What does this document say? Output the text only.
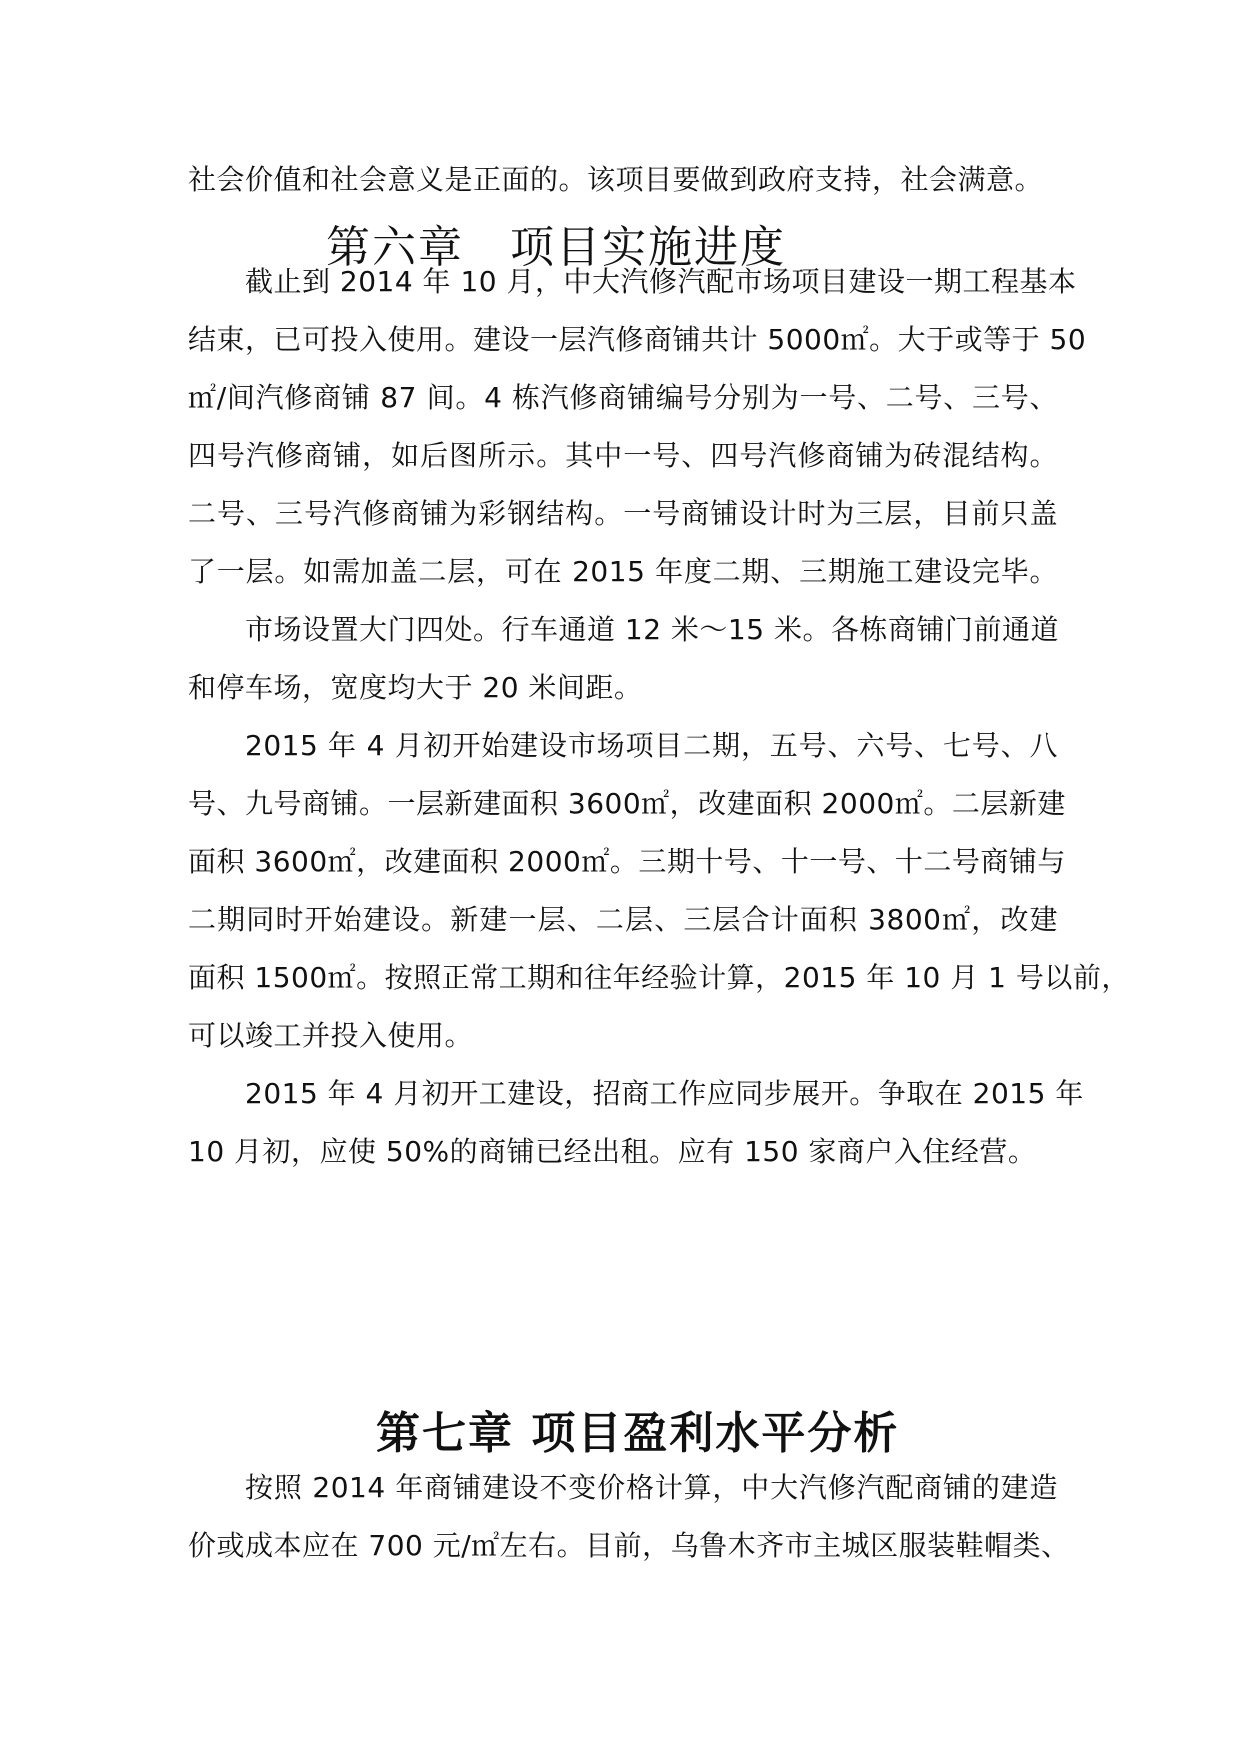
社会价值和社会意义是正面的。该项目要做到政府支持，社会满意。
第六章　项目实施进度
截止到 2014 年 10 月，中大汽修汽配市场项目建设一期工程基本
结束，已可投入使用。建设一层汽修商铺共计 5000㎡。大于或等于 50
㎡/间汽修商铺 87 间。4 栋汽修商铺编号分别为一号、二号、三号、
四号汽修商铺，如后图所示。其中一号、四号汽修商铺为砖混结构。
二号、三号汽修商铺为彩钢结构。一号商铺设计时为三层，目前只盖
了一层。如需加盖二层，可在 2015 年度二期、三期施工建设完毕。
市场设置大门四处。行车通道 12 米～15 米。各栋商铺门前通道
和停车场，宽度均大于 20 米间距。
2015 年 4 月初开始建设市场项目二期，五号、六号、七号、八
号、九号商铺。一层新建面积 3600㎡，改建面积 2000㎡。二层新建
面积 3600㎡，改建面积 2000㎡。三期十号、十一号、十二号商铺与
二期同时开始建设。新建一层、二层、三层合计面积 3800㎡，改建
面积 1500㎡。按照正常工期和往年经验计算，2015 年 10 月 1 号以前，
可以竣工并投入使用。
2015 年 4 月初开工建设，招商工作应同步展开。争取在 2015 年
10 月初，应使 50%的商铺已经出租。应有 150 家商户入住经营。
第七章 项目盈利水平分析
按照 2014 年商铺建设不变价格计算，中大汽修汽配商铺的建造
价或成本应在 700 元/㎡左右。目前，乌鲁木齐市主城区服装鞋帽类、
